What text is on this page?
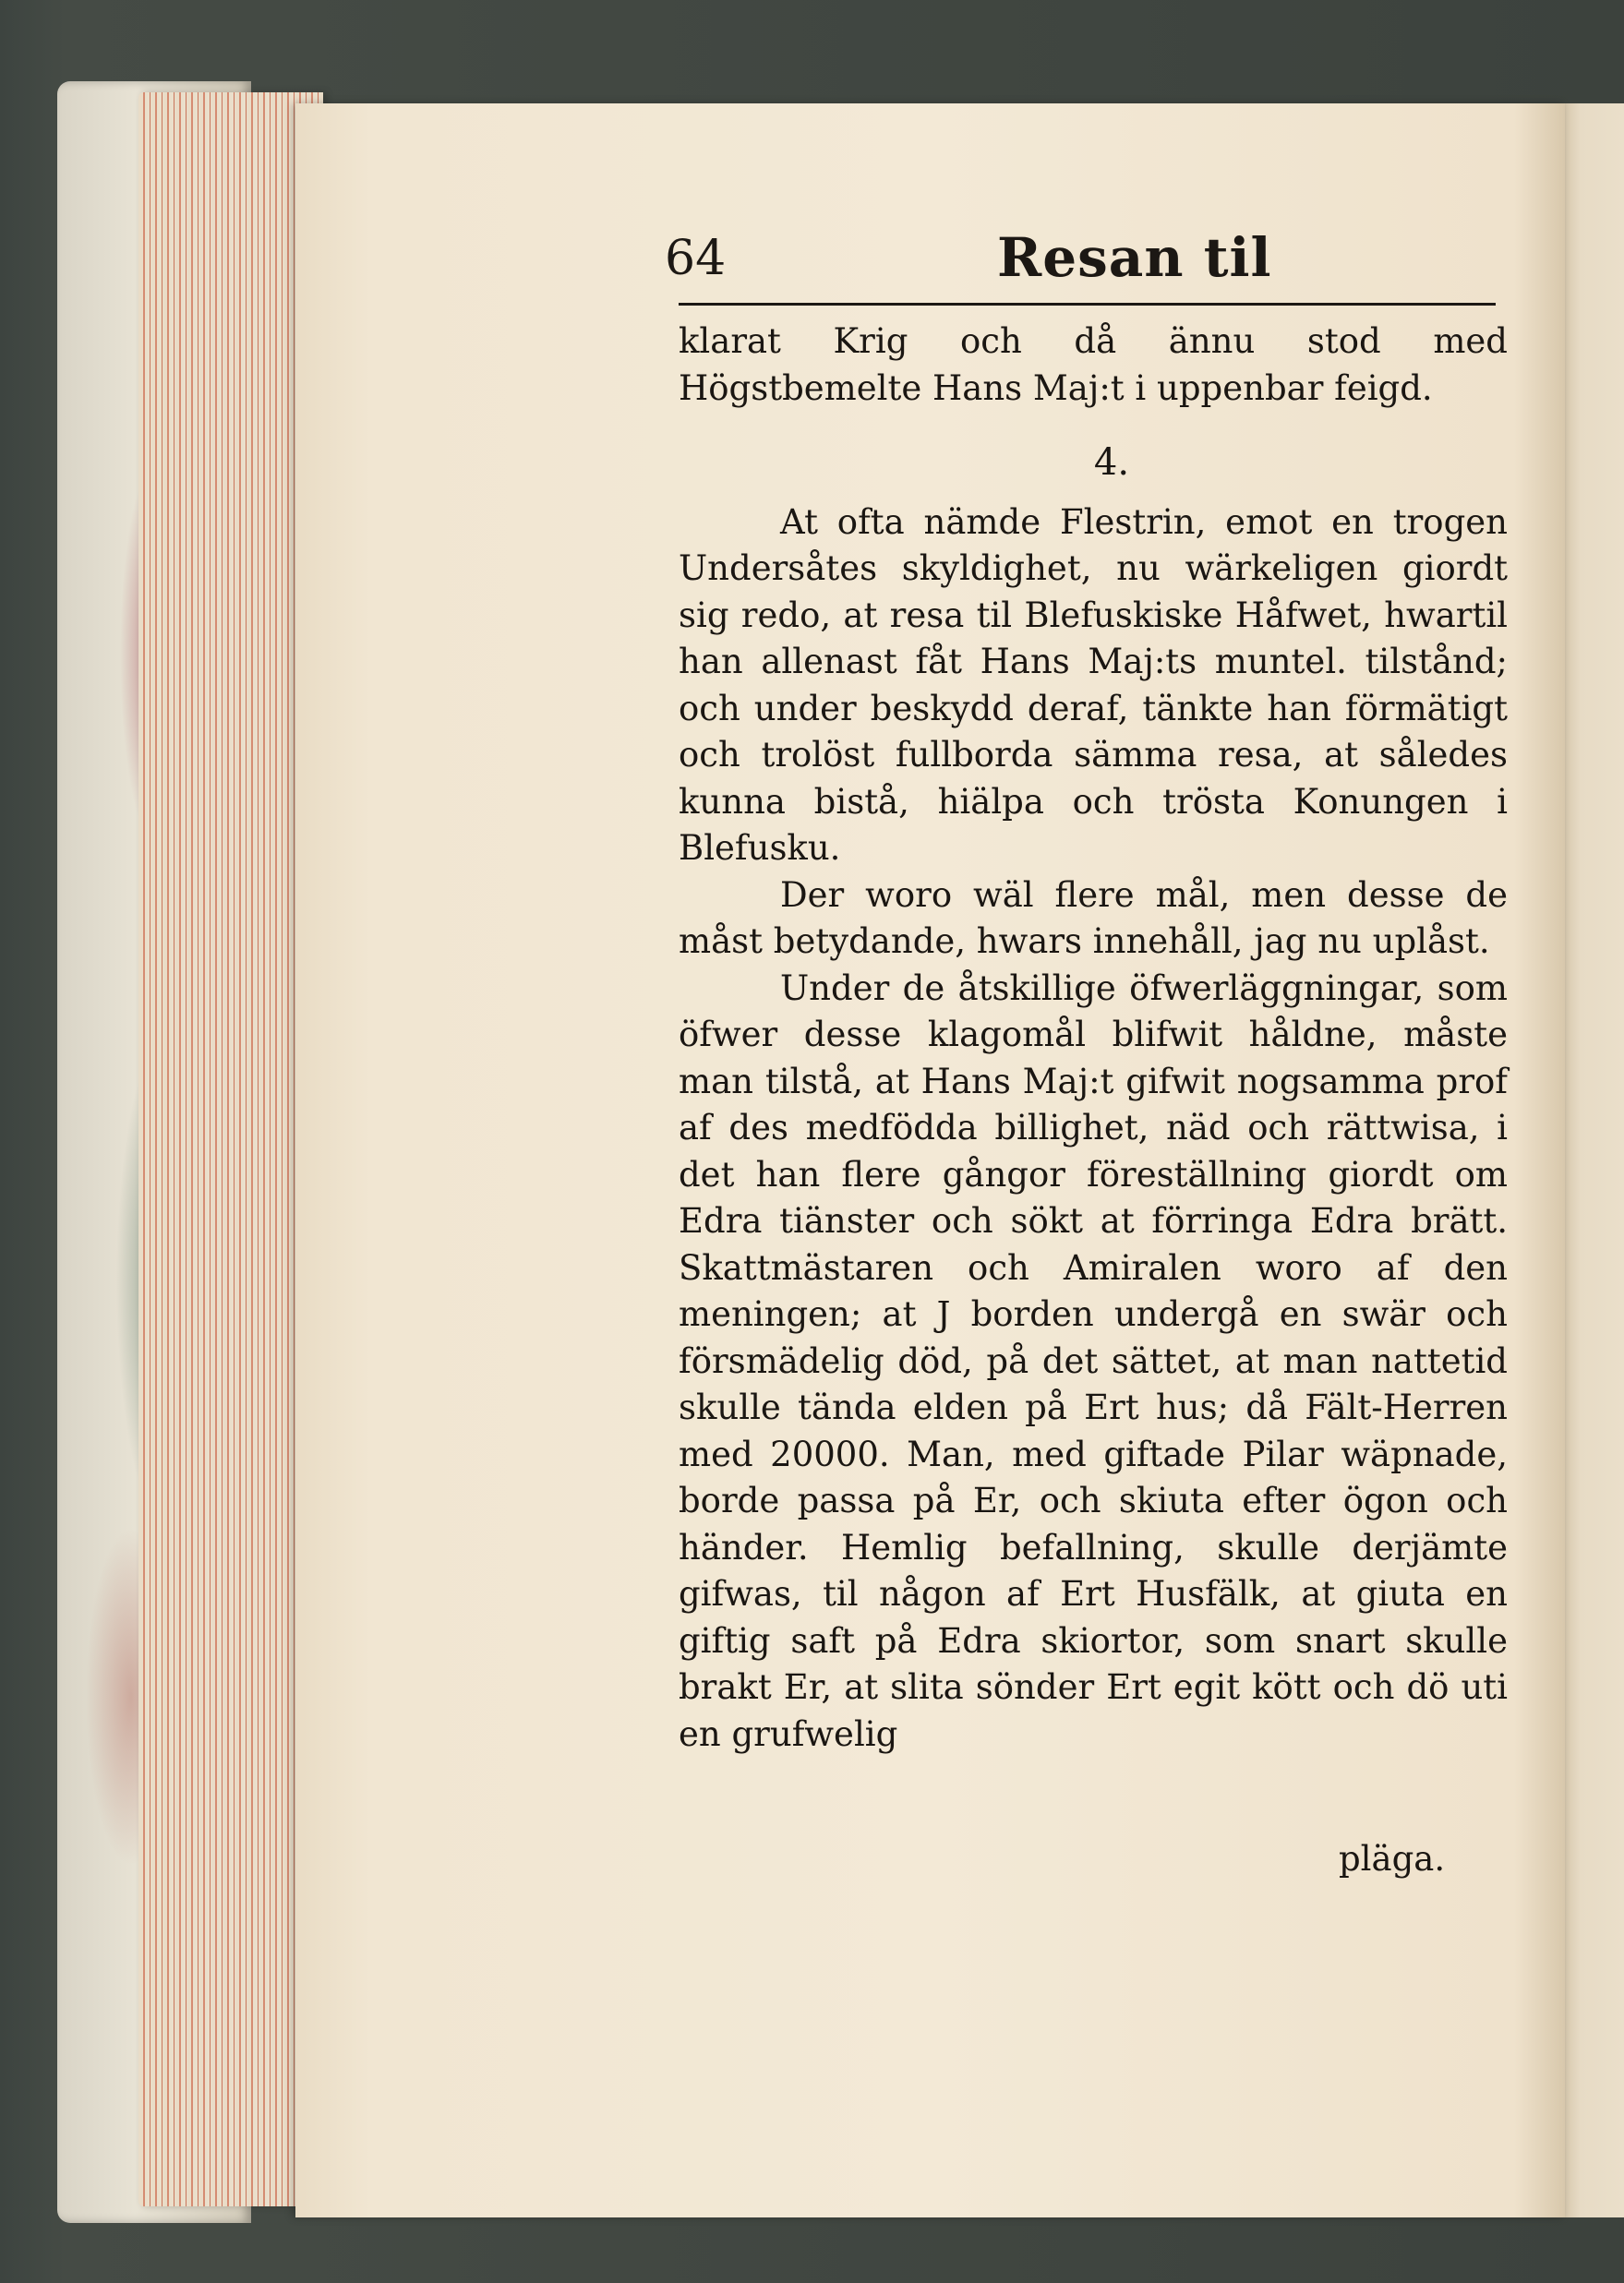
64	Resan til

klarat Krig och då ännu stod med Högstbemelte Hans Maj:t i uppenbar feigd.

4.

At ofta nämde Flestrin, emot en trogen Undersåtes skyldighet, nu wärkeligen giordt sig redo, at resa til Blefuskiske Håfwet, hwartil han allenast fåt Hans Maj:ts muntel. tilstånd; och under beskydd deraf, tänkte han förmätigt och trolöst fullborda sämma resa, at således kunna bistå, hiälpa och trösta Konungen i Blefusku.

Der woro wäl flere mål, men desse de måst betydande, hwars innehåll, jag nu uplåst.

Under de åtskillige öfwerläggningar, som öfwer desse klagomål blifwit håldne, måste man tilstå, at Hans Maj:t gifwit nogsamma prof af des medfödda billighet, näd och rättwisa, i det han flere gångor föreställning giordt om Edra tiänster och sökt at förringa Edra brätt. Skattmästaren och Amiralen woro af den meningen; at J borden undergå en swär och försmädelig död, på det sättet, at man nattetid skulle tända elden på Ert hus; då Fält-Herren med 20000. Man, med giftade Pilar wäpnade, borde passa på Er, och skiuta efter ögon och händer. Hemlig befallning, skulle derjämte gifwas, til någon af Ert Husfälk, at giuta en giftig saft på Edra skiortor, som snart skulle brakt Er, at slita sönder Ert egit kött och dö uti en grufwelig

pläga.
